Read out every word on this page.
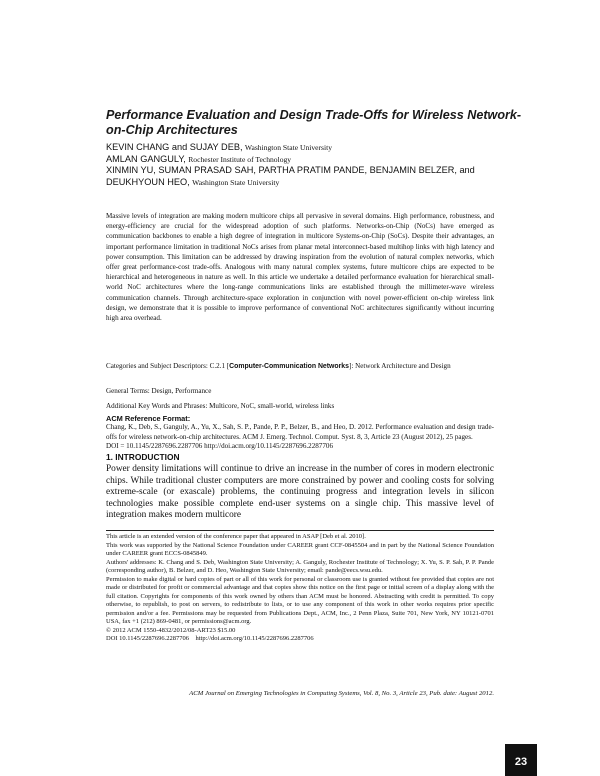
Performance Evaluation and Design Trade-Offs for Wireless Network-on-Chip Architectures
KEVIN CHANG and SUJAY DEB, Washington State University
AMLAN GANGULY, Rochester Institute of Technology
XINMIN YU, SUMAN PRASAD SAH, PARTHA PRATIM PANDE, BENJAMIN BELZER, and DEUKHYOUN HEO, Washington State University

Massive levels of integration are making modern multicore chips all pervasive in several domains. High performance, robustness, and energy-efficiency are crucial for the widespread adoption of such platforms. Networks-on-Chip (NoCs) have emerged as communication backbones to enable a high degree of integration in multicore Systems-on-Chip (SoCs). Despite their advantages, an important performance limitation in traditional NoCs arises from planar metal interconnect-based multihop links with high latency and power consumption. This limitation can be addressed by drawing inspiration from the evolution of natural complex networks, which offer great performance-cost trade-offs. Analogous with many natural complex systems, future multicore chips are expected to be hierarchical and heterogeneous in nature as well. In this article we undertake a detailed performance evaluation for hierarchical small-world NoC architectures where the long-range communications links are established through the millimeter-wave wireless communication channels. Through architecture-space exploration in conjunction with novel power-efficient on-chip wireless link design, we demonstrate that it is possible to improve performance of conventional NoC architectures significantly without incurring high area overhead.

Categories and Subject Descriptors: C.2.1 [Computer-Communication Networks]: Network Architecture and Design

General Terms: Design, Performance

Additional Key Words and Phrases: Multicore, NoC, small-world, wireless links

ACM Reference Format:
Chang, K., Deb, S., Ganguly, A., Yu, X., Sah, S. P., Pande, P. P., Belzer, B., and Heo, D. 2012. Performance evaluation and design trade-offs for wireless network-on-chip architectures. ACM J. Emerg. Technol. Comput. Syst. 8, 3, Article 23 (August 2012), 25 pages.
DOI = 10.1145/2287696.2287706 http://doi.acm.org/10.1145/2287696.2287706
1. INTRODUCTION

Power density limitations will continue to drive an increase in the number of cores in modern electronic chips. While traditional cluster computers are more constrained by power and cooling costs for solving extreme-scale (or exascale) problems, the continuing progress and integration levels in silicon technologies make possible complete end-user systems on a single chip. This massive level of integration makes modern multicore

This article is an extended version of the conference paper that appeared in ASAP [Deb et al. 2010].

This work was supported by the National Science Foundation under CAREER grant CCF-0845504 and in part by the National Science Foundation under CAREER grant ECCS-0845849.

Authors' addresses: K. Chang and S. Deb, Washington State University; A. Ganguly, Rochester Institute of Technology; X. Yu, S. P. Sah, P. P. Pande (corresponding author), B. Belzer, and D. Heo, Washington State University; email: pande@eecs.wsu.edu.

Permission to make digital or hard copies of part or all of this work for personal or classroom use is granted without fee provided that copies are not made or distributed for profit or commercial advantage and that copies show this notice on the first page or initial screen of a display along with the full citation. Copyrights for components of this work owned by others than ACM must be honored. Abstracting with credit is permitted. To copy otherwise, to republish, to post on servers, to redistribute to lists, or to use any component of this work in other works requires prior specific permission and/or a fee. Permissions may be requested from Publications Dept., ACM, Inc., 2 Penn Plaza, Suite 701, New York, NY 10121-0701 USA, fax +1 (212) 869-0481, or permissions@acm.org.

© 2012 ACM 1550-4832/2012/08-ART23 $15.00

DOI 10.1145/2287696.2287706    http://doi.acm.org/10.1145/2287696.2287706

ACM Journal on Emerging Technologies in Computing Systems, Vol. 8, No. 3, Article 23, Pub. date: August 2012.
23
